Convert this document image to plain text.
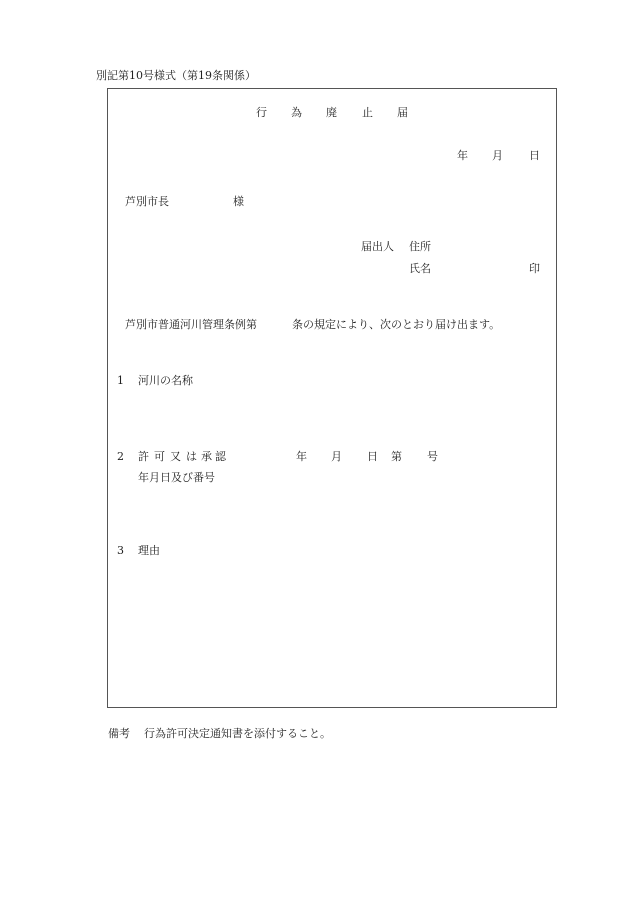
別記第10号様式（第19条関係）
行 為 廃 止 届
年 月 日
芦別市長	様
届出人 住所
氏名	印
芦別市普通河川管理条例第	条の規定により、次のとおり届け出ます。
1 河川の名称
2 許 可 又 は 承 認
年月日及び番号
年 月 日 第 号
3 理由
備考 行為許可決定通知書を添付すること。
